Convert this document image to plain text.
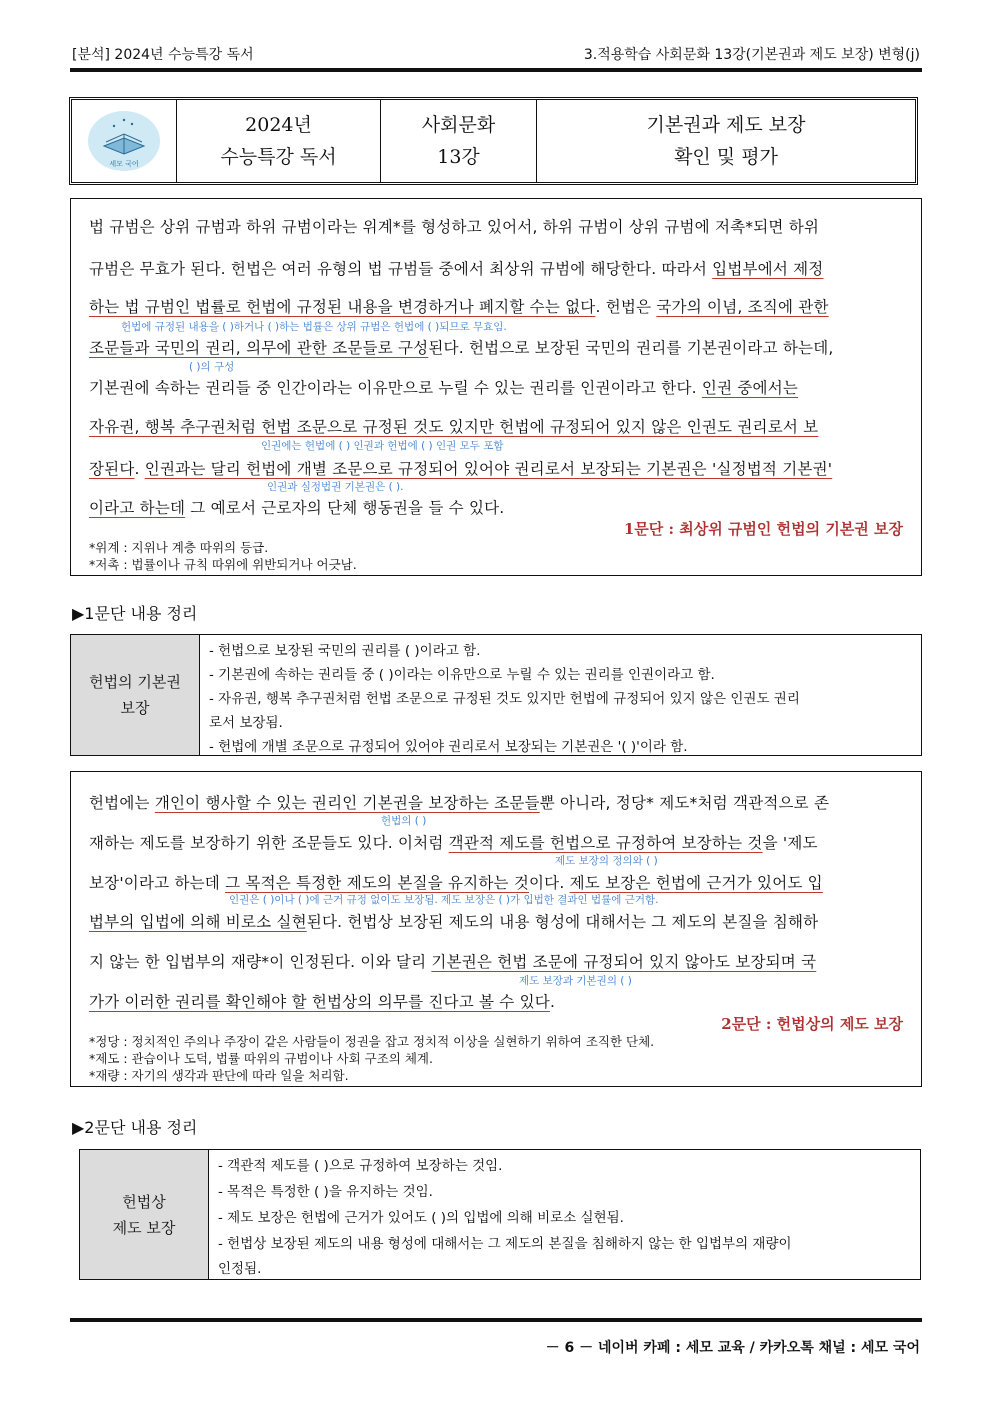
[분석] 2024년 수능특강 독서	3.적용학습 사회문화 13강(기본권과 제도 보장) 변형(j)
세모 국어
2024년
수능특강 독서
사회문화
13강
기본권과 제도 보장
확인 및 평가
법 규범은 상위 규범과 하위 규범이라는 위계*를 형성하고 있어서, 하위 규범이 상위 규범에 저촉*되면 하위
규범은 무효가 된다. 헌법은 여러 유형의 법 규범들 중에서 최상위 규범에 해당한다. 따라서 입법부에서 제정
하는 법 규범인 법률로 헌법에 규정된 내용을 변경하거나 폐지할 수는 없다. 헌법은 국가의 이념, 조직에 관한
조문들과 국민의 권리, 의무에 관한 조문들로 구성된다. 헌법으로 보장된 국민의 권리를 기본권이라고 하는데,
기본권에 속하는 권리들 중 인간이라는 이유만으로 누릴 수 있는 권리를 인권이라고 한다. 인권 중에서는
자유권, 행복 추구권처럼 헌법 조문으로 규정된 것도 있지만 헌법에 규정되어 있지 않은 인권도 권리로서 보
장된다. 인권과는 달리 헌법에 개별 조문으로 규정되어 있어야 권리로서 보장되는 기본권은 '실정법적 기본권'
이라고 하는데 그 예로서 근로자의 단체 행동권을 들 수 있다.
헌법에 규정된 내용을 ( )하거나 ( )하는 법률은 상위 규범은 헌법에 ( )되므로 무효임.
( )의 구성
인권에는 헌법에 ( ) 인권과 헌법에 ( ) 인권 모두 포함
인권과 실정법권 기본권은 ( ).
1문단 : 최상위 규범인 헌법의 기본권 보장
*위계 : 지위나 계층 따위의 등급.
*저촉 : 법률이나 규칙 따위에 위반되거나 어긋남.
▶1문단 내용 정리
헌법의 기본권
보장
- 헌법으로 보장된 국민의 권리를 ( )이라고 함.
- 기본권에 속하는 권리들 중 ( )이라는 이유만으로 누릴 수 있는 권리를 인권이라고 함.
- 자유권, 행복 추구권처럼 헌법 조문으로 규정된 것도 있지만 헌법에 규정되어 있지 않은 인권도 권리
로서 보장됨.
- 헌법에 개별 조문으로 규정되어 있어야 권리로서 보장되는 기본권은 '( )'이라 함.
헌법에는 개인이 행사할 수 있는 권리인 기본권을 보장하는 조문들뿐 아니라, 정당* 제도*처럼 객관적으로 존
재하는 제도를 보장하기 위한 조문들도 있다. 이처럼 객관적 제도를 헌법으로 규정하여 보장하는 것을 '제도
보장'이라고 하는데 그 목적은 특정한 제도의 본질을 유지하는 것이다. 제도 보장은 헌법에 근거가 있어도 입
법부의 입법에 의해 비로소 실현된다. 헌법상 보장된 제도의 내용 형성에 대해서는 그 제도의 본질을 침해하
지 않는 한 입법부의 재량*이 인정된다. 이와 달리 기본권은 헌법 조문에 규정되어 있지 않아도 보장되며 국
가가 이러한 권리를 확인해야 할 헌법상의 의무를 진다고 볼 수 있다.
헌법의 ( )
제도 보장의 정의와 ( )
인권은 ( )이나 ( )에 근거 규정 없이도 보장됨. 제도 보장은 ( )가 입법한 결과인 법률에 근거함.
제도 보장과 기본권의 ( )
2문단 : 헌법상의 제도 보장
*정당 : 정치적인 주의나 주장이 같은 사람들이 정권을 잡고 정치적 이상을 실현하기 위하여 조직한 단체.
*제도 : 관습이나 도덕, 법률 따위의 규범이나 사회 구조의 체계.
*재량 : 자기의 생각과 판단에 따라 일을 처리함.
▶2문단 내용 정리
헌법상
제도 보장
- 객관적 제도를 ( )으로 규정하여 보장하는 것임.
- 목적은 특정한 ( )을 유지하는 것임.
- 제도 보장은 헌법에 근거가 있어도 ( )의 입법에 의해 비로소 실현됨.
- 헌법상 보장된 제도의 내용 형성에 대해서는 그 제도의 본질을 침해하지 않는 한 입법부의 재량이
인정됨.
－ 6 － 네이버 카페 : 세모 교육 / 카카오톡 채널 : 세모 국어
